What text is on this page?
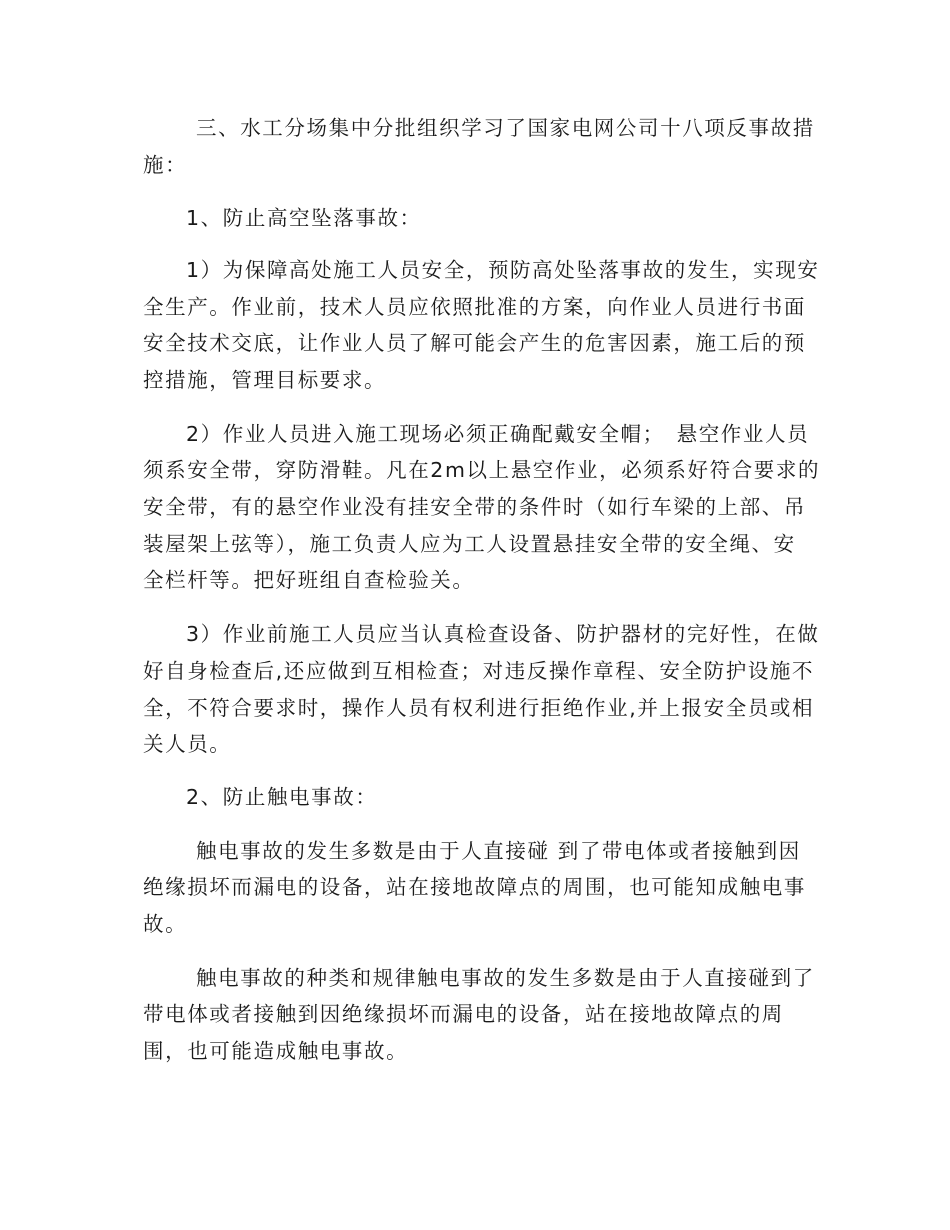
三、水工分场集中分批组织学习了国家电网公司十八项反事故措
施：
1、防止高空坠落事故：
1）为保障高处施工人员安全，预防高处坠落事故的发生，实现安
全生产。作业前，技术人员应依照批准的方案，向作业人员进行书面
安全技术交底，让作业人员了解可能会产生的危害因素，施工后的预
控措施，管理目标要求。
2）作业人员进入施工现场必须正确配戴安全帽；　悬空作业人员
须系安全带，穿防滑鞋。凡在2m以上悬空作业，必须系好符合要求的
安全带，有的悬空作业没有挂安全带的条件时（如行车梁的上部、吊
装屋架上弦等），施工负责人应为工人设置悬挂安全带的安全绳、安
全栏杆等。把好班组自查检验关。
3）作业前施工人员应当认真检查设备、防护器材的完好性，在做
好自身检查后,还应做到互相检查；对违反操作章程、安全防护设施不
全，不符合要求时，操作人员有权利进行拒绝作业,并上报安全员或相
关人员。
2、防止触电事故：
触电事故的发生多数是由于人直接碰 到了带电体或者接触到因
绝缘损坏而漏电的设备，站在接地故障点的周围，也可能知成触电事
故。
触电事故的种类和规律触电事故的发生多数是由于人直接碰到了
带电体或者接触到因绝缘损坏而漏电的设备，站在接地故障点的周
围，也可能造成触电事故。
